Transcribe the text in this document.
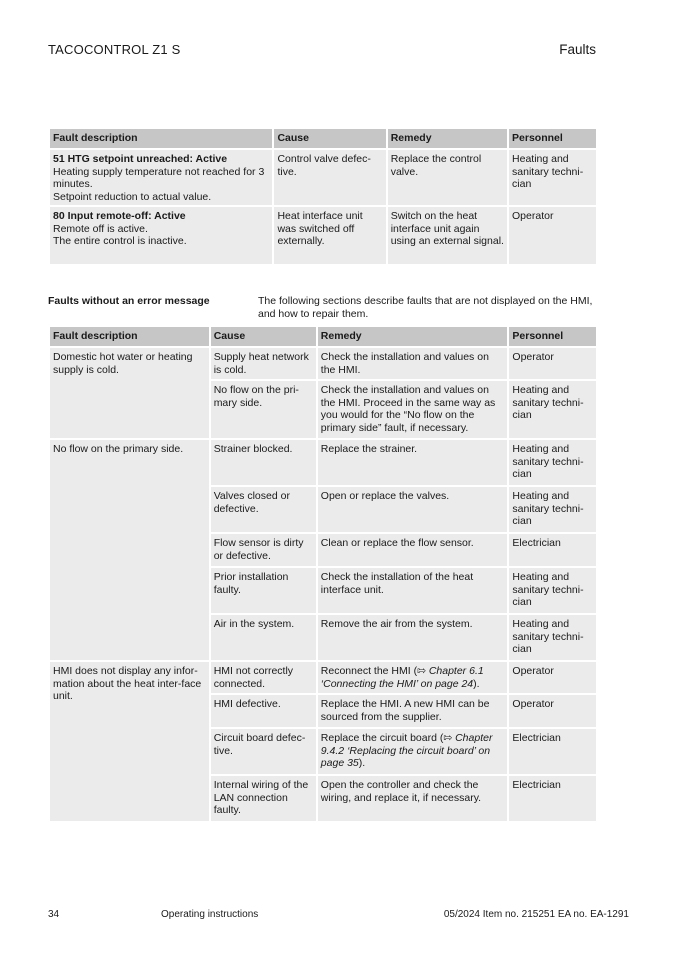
TACOCONTROL Z1 S	Faults
Fault description	Cause	Remedy	Personnel
51 HTG setpoint unreached: Active
Heating supply temperature not reached for 3 minutes.
Setpoint reduction to actual value.	Control valve defec-tive.	Replace the control valve.	Heating and sanitary techni-cian
80 Input remote-off: Active
Remote off is active.
The entire control is inactive.	Heat interface unit was switched off externally.	Switch on the heat interface unit again using an external signal.	Operator
Faults without an error message	The following sections describe faults that are not displayed on the HMI, and how to repair them.
Fault description	Cause	Remedy	Personnel
Domestic hot water or heating supply is cold.	Supply heat network is cold.	Check the installation and values on the HMI.	Operator
	No flow on the pri-mary side.	Check the installation and values on the HMI. Proceed in the same way as you would for the “No flow on the primary side” fault, if necessary.	Heating and sanitary techni-cian
No flow on the primary side.	Strainer blocked.	Replace the strainer.	Heating and sanitary techni-cian
	Valves closed or defective.	Open or replace the valves.	Heating and sanitary techni-cian
	Flow sensor is dirty or defective.	Clean or replace the flow sensor.	Electrician
	Prior installation faulty.	Check the installation of the heat interface unit.	Heating and sanitary techni-cian
	Air in the system.	Remove the air from the system.	Heating and sanitary techni-cian
HMI does not display any infor-mation about the heat inter-face unit.	HMI not correctly connected.	Reconnect the HMI (⇰ Chapter 6.1 ‘Connecting the HMI’ on page 24).	Operator
	HMI defective.	Replace the HMI. A new HMI can be sourced from the supplier.	Operator
	Circuit board defec-tive.	Replace the circuit board (⇰ Chapter 9.4.2 ‘Replacing the circuit board’ on page 35).	Electrician
	Internal wiring of the LAN connection faulty.	Open the controller and check the wiring, and replace it, if necessary.	Electrician
34	Operating instructions	05/2024 Item no. 215251 EA no. EA-1291
